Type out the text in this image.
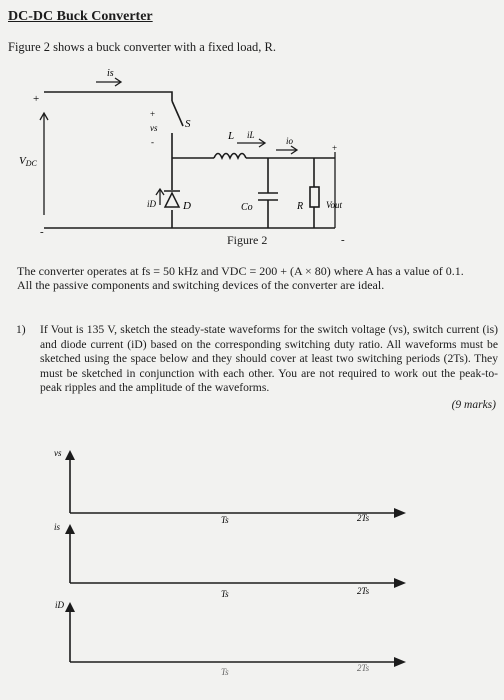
DC-DC Buck Converter
Figure 2 shows a buck converter with a fixed load, R.
+
-
VDC
is
S
+
vs
-	L iL
io
D
iD	Co	R	Vout
+
-
Figure 2
The converter operates at fs = 50 kHz and VDC = 200 + (A × 80) where A has a value of 0.1.
All the passive components and switching devices of the converter are ideal.
1) If Vout is 135 V, sketch the steady-state waveforms for the switch voltage (vs), switch current (is) and diode current (iD) based on the corresponding switching duty ratio. All waveforms must be sketched using the space below and they should cover at least two switching periods (2Ts). They must be sketched in conjunction with each other. You are not required to work out the peak-to-peak ripples and the amplitude of the waveforms.
(9 marks)
vs
Ts	2Ts
is
Ts	2Ts
iD
Ts	2Ts
